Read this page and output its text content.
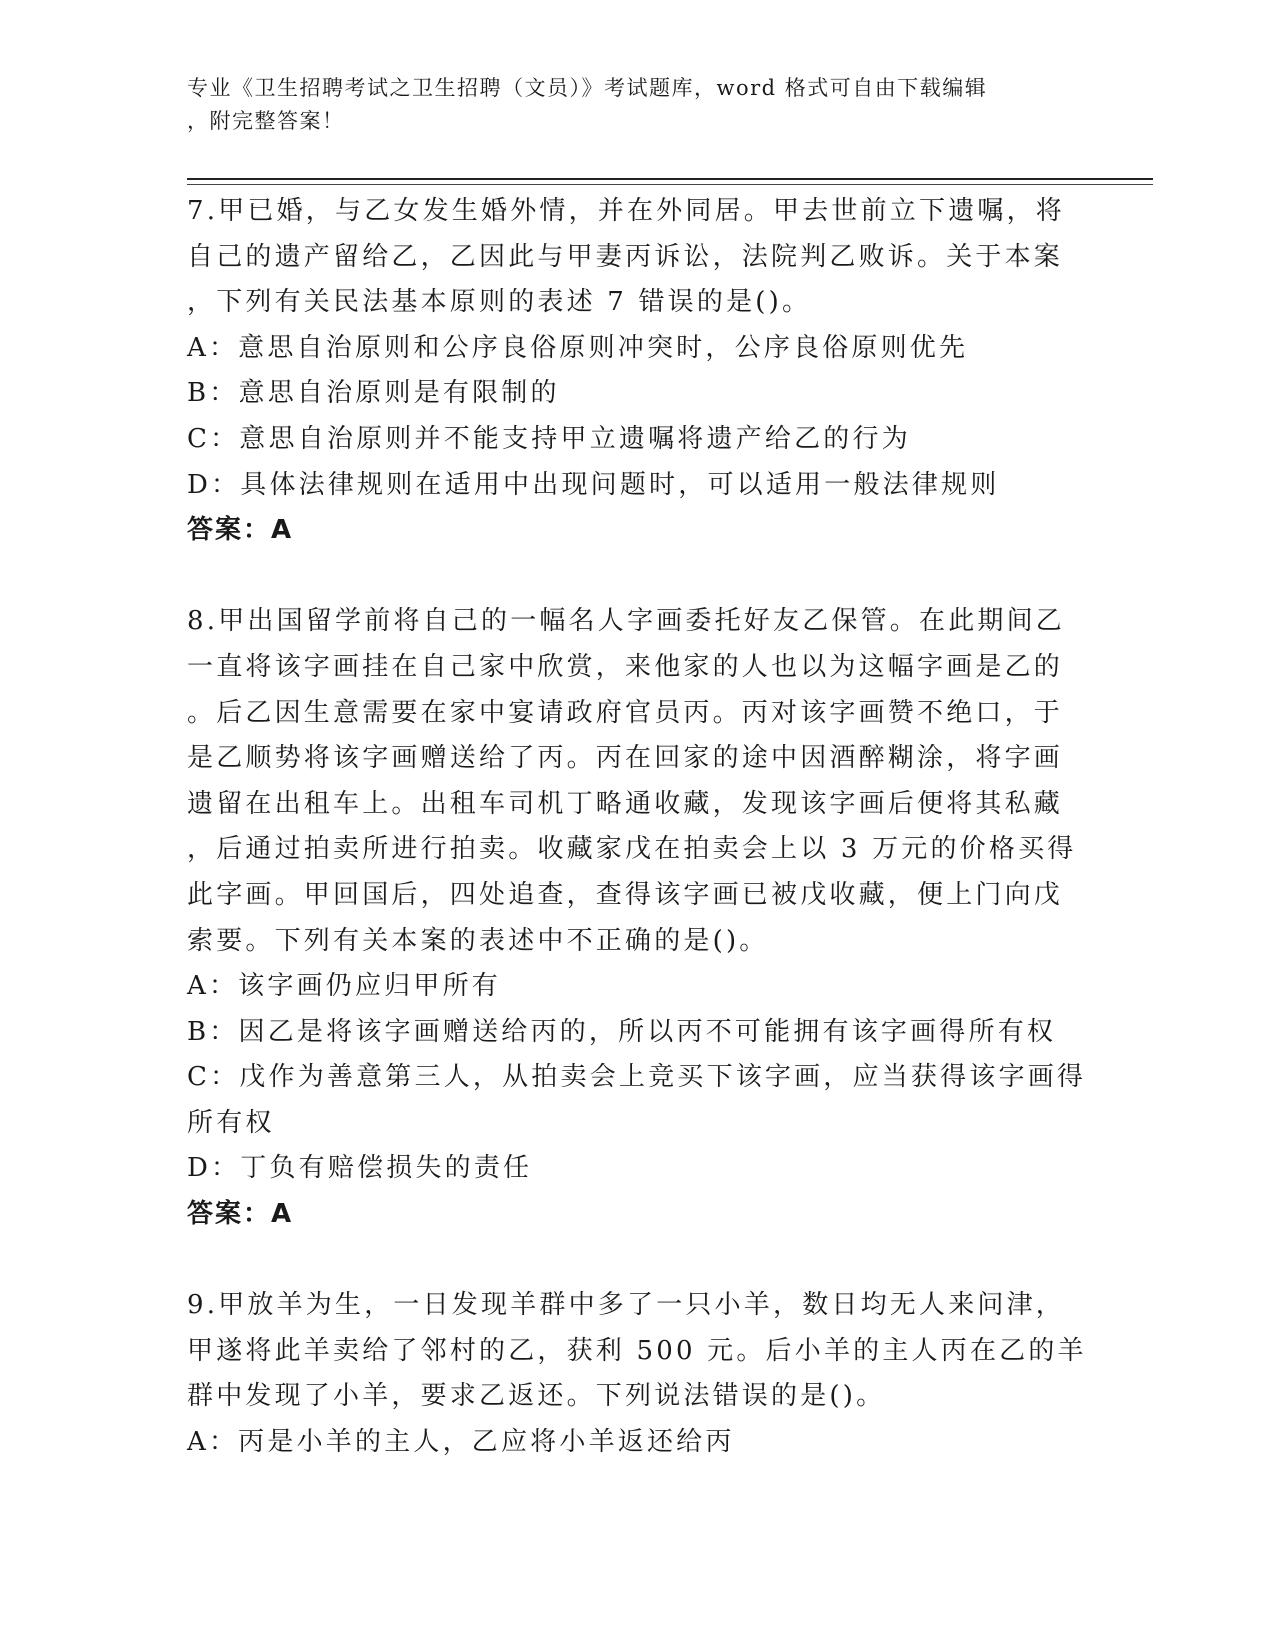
专业《卫生招聘考试之卫生招聘（文员）》考试题库，word 格式可自由下载编辑
，附完整答案！
7.甲已婚，与乙女发生婚外情，并在外同居。甲去世前立下遗嘱，将
自己的遗产留给乙，乙因此与甲妻丙诉讼，法院判乙败诉。关于本案
，下列有关民法基本原则的表述 7 错误的是()。
A：意思自治原则和公序良俗原则冲突时，公序良俗原则优先
B：意思自治原则是有限制的
C：意思自治原则并不能支持甲立遗嘱将遗产给乙的行为
D：具体法律规则在适用中出现问题时，可以适用一般法律规则
答案：A
8.甲出国留学前将自己的一幅名人字画委托好友乙保管。在此期间乙
一直将该字画挂在自己家中欣赏，来他家的人也以为这幅字画是乙的
。后乙因生意需要在家中宴请政府官员丙。丙对该字画赞不绝口，于
是乙顺势将该字画赠送给了丙。丙在回家的途中因酒醉糊涂，将字画
遗留在出租车上。出租车司机丁略通收藏，发现该字画后便将其私藏
，后通过拍卖所进行拍卖。收藏家戊在拍卖会上以 3 万元的价格买得
此字画。甲回国后，四处追查，查得该字画已被戊收藏，便上门向戊
索要。下列有关本案的表述中不正确的是()。
A：该字画仍应归甲所有
B：因乙是将该字画赠送给丙的，所以丙不可能拥有该字画得所有权
C：戊作为善意第三人，从拍卖会上竞买下该字画，应当获得该字画得
所有权
D：丁负有赔偿损失的责任
答案：A
9.甲放羊为生，一日发现羊群中多了一只小羊，数日均无人来问津，
甲遂将此羊卖给了邻村的乙，获利 500 元。后小羊的主人丙在乙的羊
群中发现了小羊，要求乙返还。下列说法错误的是()。
A：丙是小羊的主人，乙应将小羊返还给丙
